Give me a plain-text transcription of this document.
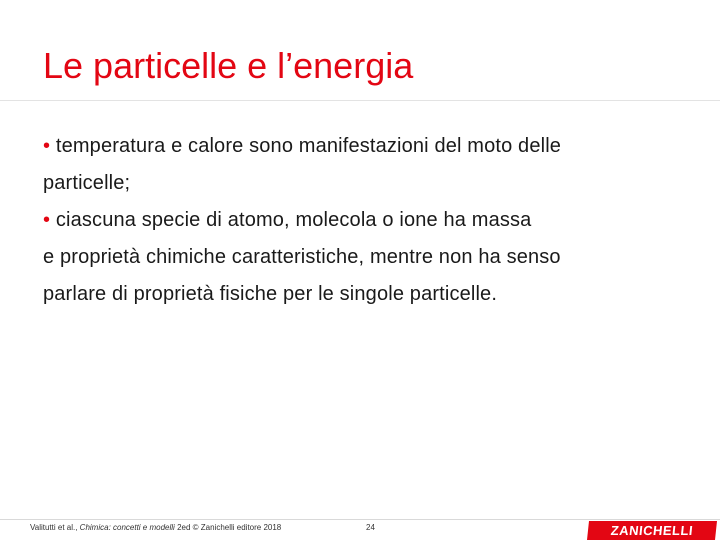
Le particelle e l’energia
• temperatura e calore sono manifestazioni del moto delle
particelle;
• ciascuna specie di atomo, molecola o ione ha massa
e proprietà chimiche caratteristiche, mentre non ha senso
parlare di proprietà fisiche per le singole particelle.
Valitutti et al., Chimica: concetti e modelli 2ed © Zanichelli editore 2018	24	ZANICHELLI
